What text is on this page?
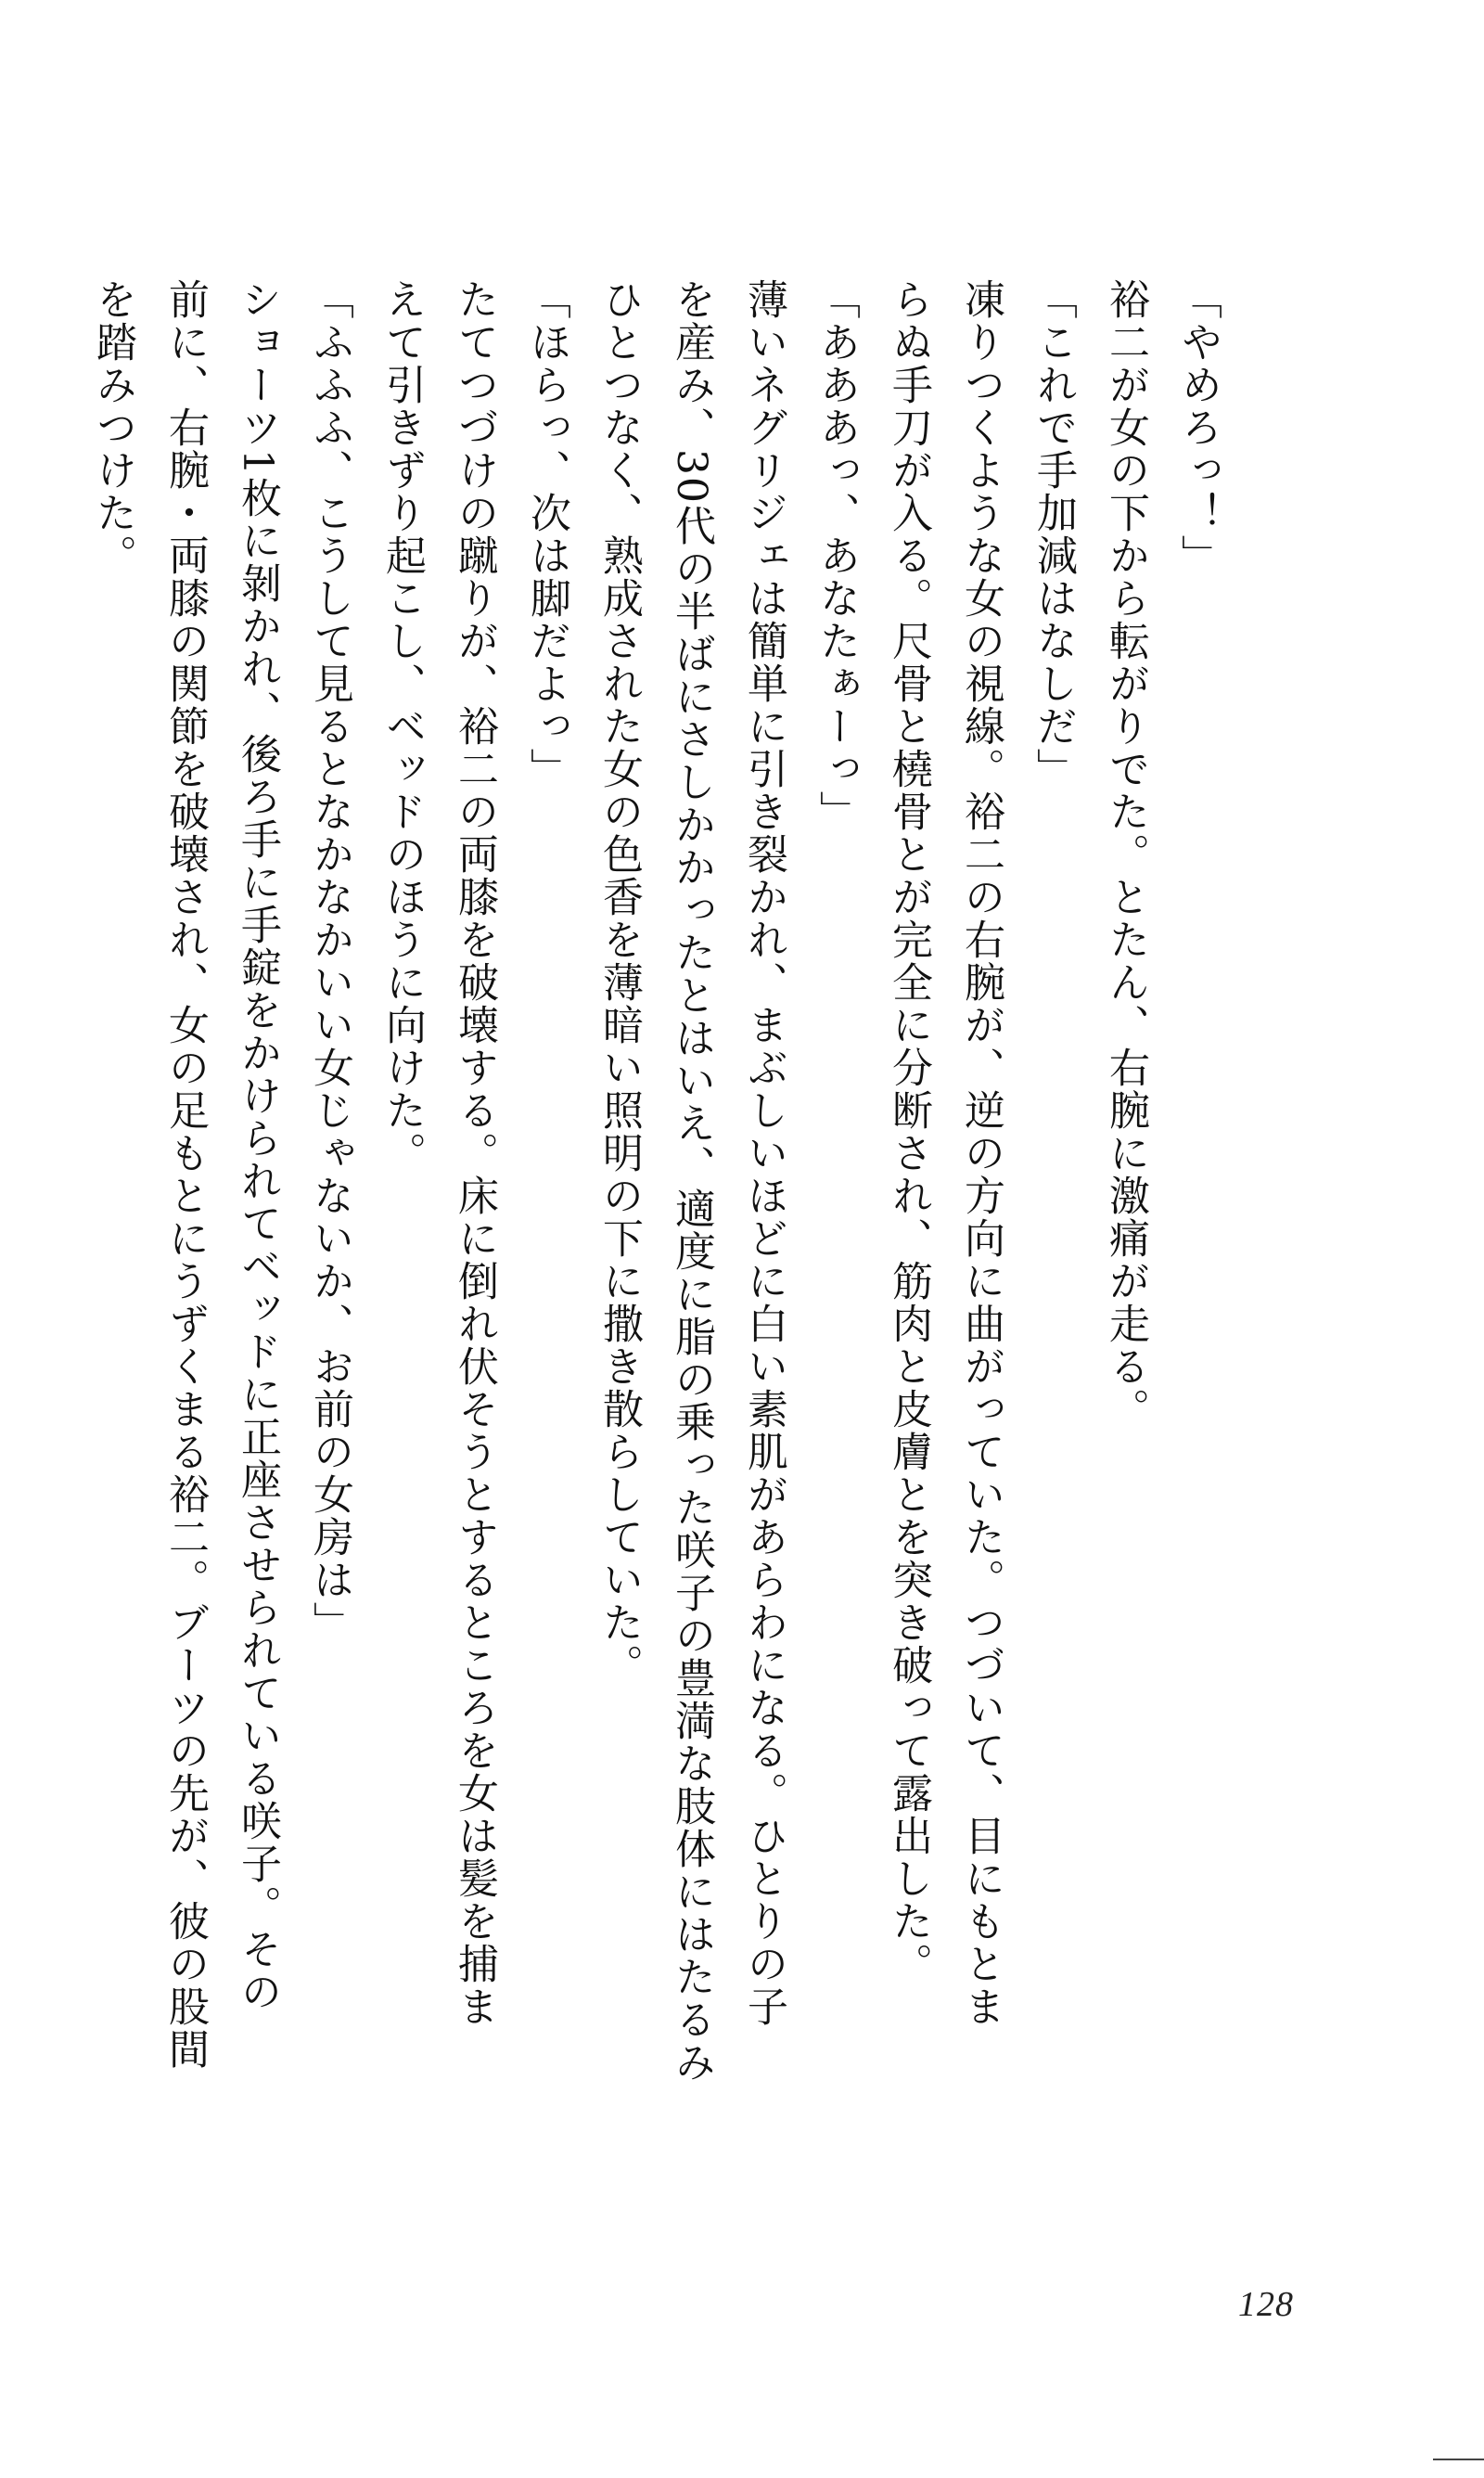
「やめろっ！」
裕二が女の下から転がりでた。とたん、右腕に激痛が走る。
「これで手加減はなしだ」
凍りつくような女の視線。裕二の右腕が、逆の方向に曲がっていた。つづいて、目にもとま
らぬ手刀が入る。尺骨と橈骨とが完全に分断され、筋肉と皮膚とを突き破って露出した。
「あああっ、あなたぁーっ」
薄いネグリジェは簡単に引き裂かれ、まぶしいほどに白い素肌があらわになる。ひとりの子
を産み、30代の半ばにさしかかったとはいえ、適度に脂の乗った咲子の豊満な肢体にはたるみ
ひとつなく、熟成された女の色香を薄暗い照明の下に撒き散らしていた。
「ほらっ、次は脚だよっ」
たてつづけの蹴りが、裕二の両膝を破壊する。床に倒れ伏そうとするところを女は髪を捕ま
えて引きずり起こし、ベッドのほうに向けた。
「ふふふ、こうして見るとなかなかいい女じゃないか、お前の女房は」
ショーツ1枚に剝かれ、後ろ手に手錠をかけられてベッドに正座させられている咲子。その
前に、右腕・両膝の関節を破壊され、女の足もとにうずくまる裕二。ブーツの先が、彼の股間
を踏みつけた。
128
